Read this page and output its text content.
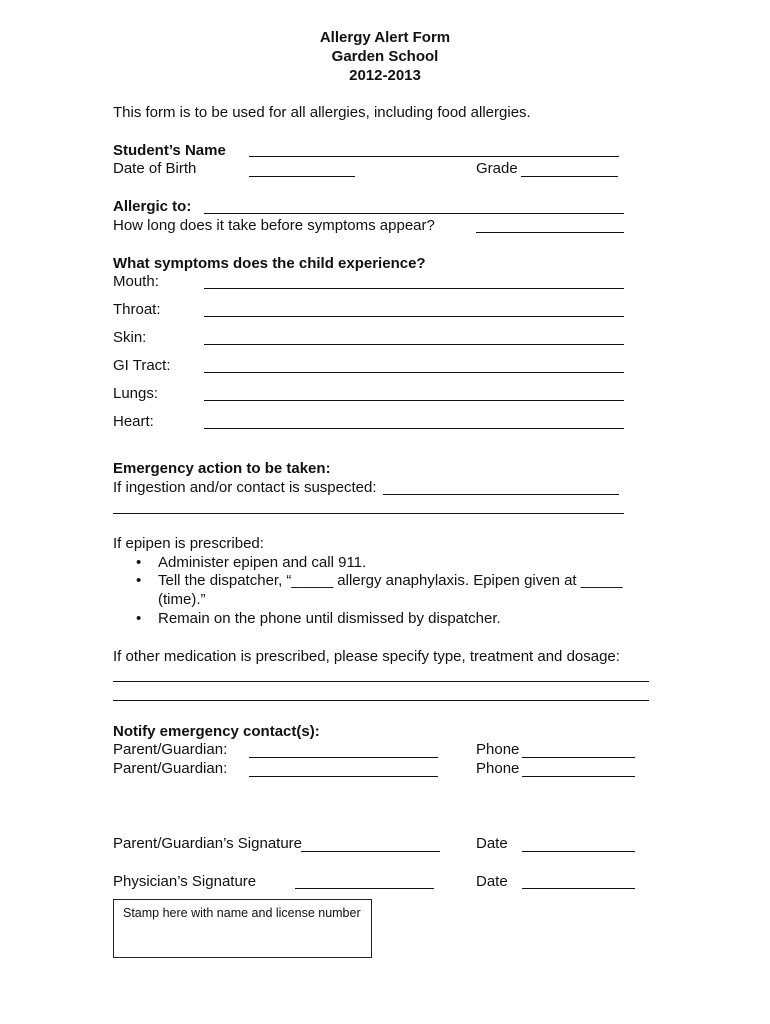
Allergy Alert Form
Garden School
2012-2013
This form is to be used for all allergies, including food allergies.
Student’s Name
Date of Birth	Grade
Allergic to:
How long does it take before symptoms appear?
What symptoms does the child experience?
Mouth:
Throat:
Skin:
GI Tract:
Lungs:
Heart:
Emergency action to be taken:
If ingestion and/or contact is suspected:
If epipen is prescribed:
• Administer epipen and call 911.
• Tell the dispatcher, “_____ allergy anaphylaxis. Epipen given at _____
(time).”
• Remain on the phone until dismissed by dispatcher.
If other medication is prescribed, please specify type, treatment and dosage:
Notify emergency contact(s):
Parent/Guardian:	Phone
Parent/Guardian:	Phone
Parent/Guardian’s Signature	Date
Physician’s Signature	Date
Stamp here with name and license number
